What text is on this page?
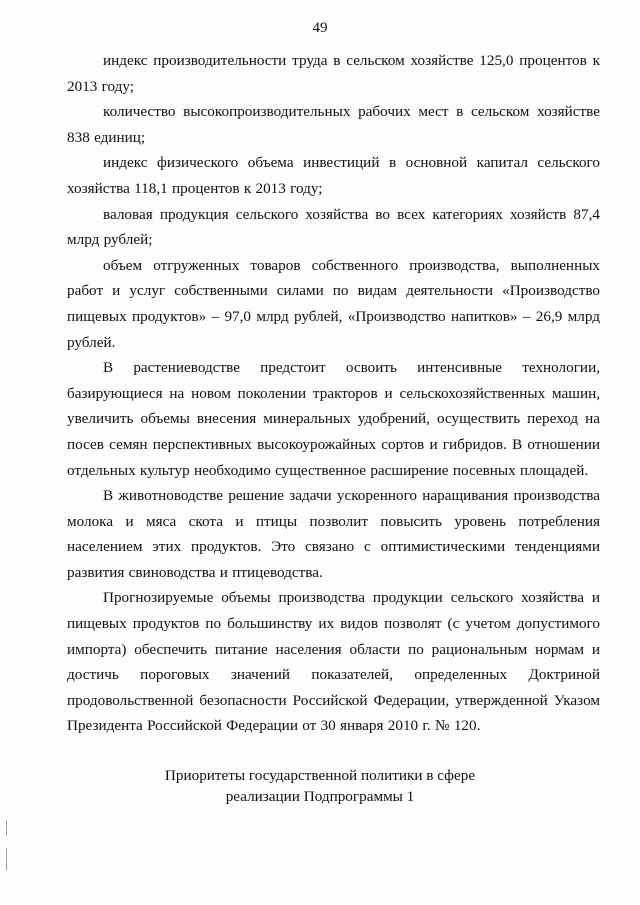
49

индекс производительности труда в сельском хозяйстве 125,0 процентов к 2013 году;

количество высокопроизводительных рабочих мест в сельском хозяйстве 838 единиц;

индекс физического объема инвестиций в основной капитал сельского хозяйства 118,1 процентов к 2013 году;

валовая продукция сельского хозяйства во всех категориях хозяйств 87,4 млрд рублей;

объем отгруженных товаров собственного производства, выполненных работ и услуг собственными силами по видам деятельности «Производство пищевых продуктов» – 97,0 млрд рублей, «Производство напитков» – 26,9 млрд рублей.

В растениеводстве предстоит освоить интенсивные технологии, базирующиеся на новом поколении тракторов и сельскохозяйственных машин, увеличить объемы внесения минеральных удобрений, осуществить переход на посев семян перспективных высокоурожайных сортов и гибридов. В отношении отдельных культур необходимо существенное расширение посевных площадей.

В животноводстве решение задачи ускоренного наращивания производства молока и мяса скота и птицы позволит повысить уровень потребления населением этих продуктов. Это связано с оптимистическими тенденциями развития свиноводства и птицеводства.

Прогнозируемые объемы производства продукции сельского хозяйства и пищевых продуктов по большинству их видов позволят (с учетом допустимого импорта) обеспечить питание населения области по рациональным нормам и достичь пороговых значений показателей, определенных Доктриной продовольственной безопасности Российской Федерации, утвержденной Указом Президента Российской Федерации от 30 января 2010 г. № 120.

Приоритеты государственной политики в сфере
реализации Подпрограммы 1
